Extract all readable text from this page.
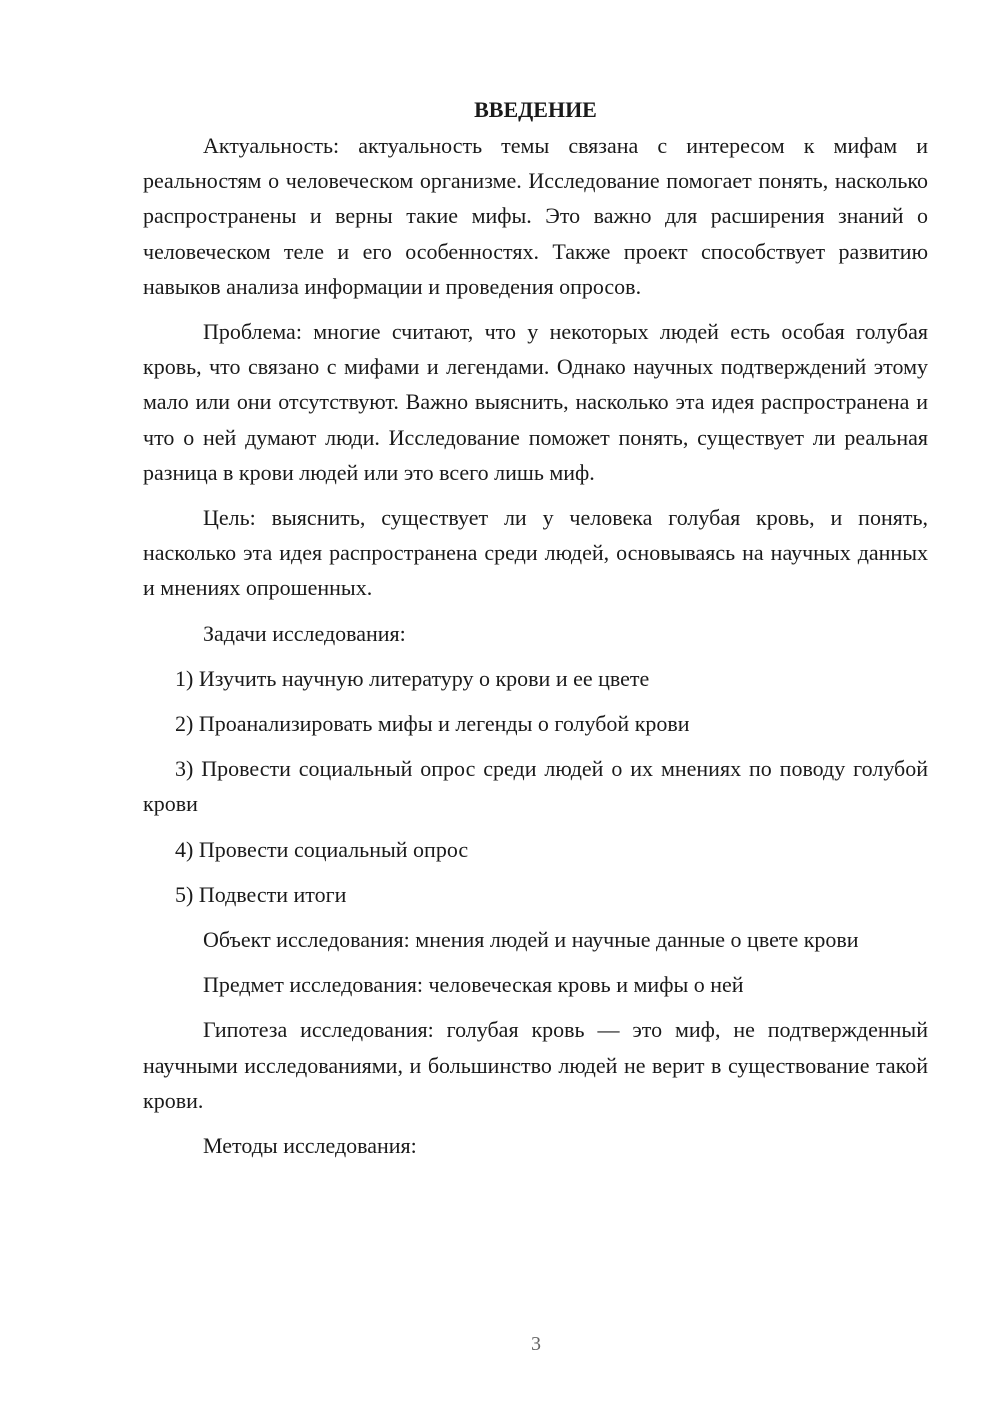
ВВЕДЕНИЕ

Актуальность: актуальность темы связана с интересом к мифам и реальностям о человеческом организме. Исследование помогает понять, насколько распространены и верны такие мифы. Это важно для расширения знаний о человеческом теле и его особенностях. Также проект способствует развитию навыков анализа информации и проведения опросов.

Проблема: многие считают, что у некоторых людей есть особая голубая кровь, что связано с мифами и легендами. Однако научных подтверждений этому мало или они отсутствуют. Важно выяснить, насколько эта идея распространена и что о ней думают люди. Исследование поможет понять, существует ли реальная разница в крови людей или это всего лишь миф.

Цель: выяснить, существует ли у человека голубая кровь, и понять, насколько эта идея распространена среди людей, основываясь на научных данных и мнениях опрошенных.

Задачи исследования:

1) Изучить научную литературу о крови и ее цвете

2) Проанализировать мифы и легенды о голубой крови

3) Провести социальный опрос среди людей о их мнениях по поводу голубой крови

4) Провести социальный опрос

5) Подвести итоги

Объект исследования: мнения людей и научные данные о цвете крови

Предмет исследования: человеческая кровь и мифы о ней

Гипотеза исследования: голубая кровь — это миф, не подтвержденный научными исследованиями, и большинство людей не верит в существование такой крови.

Методы исследования:

3
